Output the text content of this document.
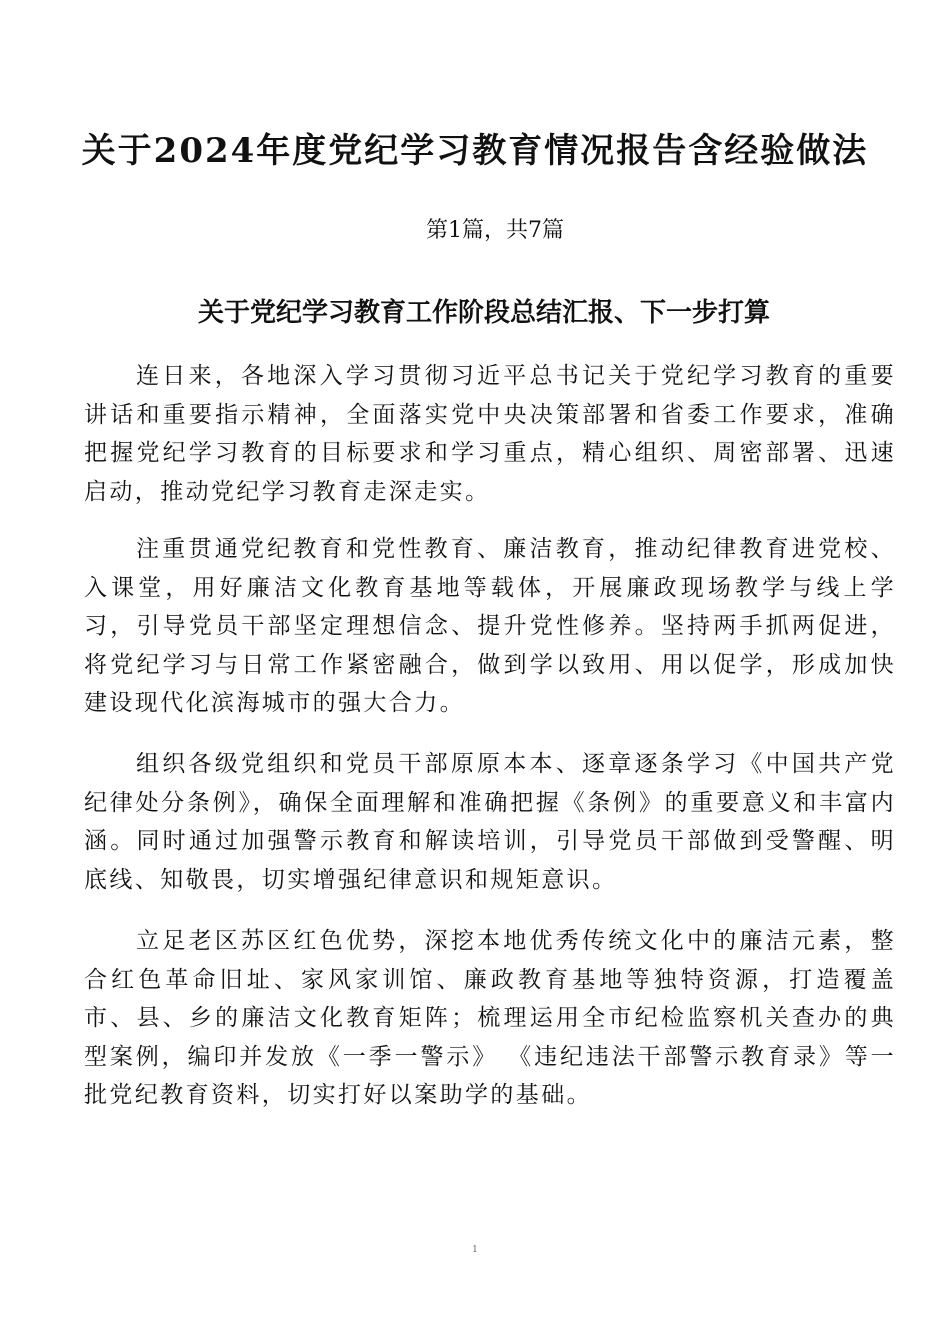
关于2024年度党纪学习教育情况报告含经验做法
第1篇，共7篇
关于党纪学习教育工作阶段总结汇报、下一步打算

连日来，各地深入学习贯彻习近平总书记关于党纪学习教育的重要讲话和重要指示精神，全面落实党中央决策部署和省委工作要求，准确把握党纪学习教育的目标要求和学习重点，精心组织、周密部署、迅速启动，推动党纪学习教育走深走实。

注重贯通党纪教育和党性教育、廉洁教育，推动纪律教育进党校、入课堂，用好廉洁文化教育基地等载体，开展廉政现场教学与线上学习，引导党员干部坚定理想信念、提升党性修养。坚持两手抓两促进，将党纪学习与日常工作紧密融合，做到学以致用、用以促学，形成加快建设现代化滨海城市的强大合力。

组织各级党组织和党员干部原原本本、逐章逐条学习《中国共产党纪律处分条例》，确保全面理解和准确把握《条例》的重要意义和丰富内涵。同时通过加强警示教育和解读培训，引导党员干部做到受警醒、明底线、知敬畏，切实增强纪律意识和规矩意识。

立足老区苏区红色优势，深挖本地优秀传统文化中的廉洁元素，整合红色革命旧址、家风家训馆、廉政教育基地等独特资源，打造覆盖市、县、乡的廉洁文化教育矩阵；梳理运用全市纪检监察机关查办的典型案例，编印并发放《一季一警示》 《违纪违法干部警示教育录》等一批党纪教育资料，切实打好以案助学的基础。

1
